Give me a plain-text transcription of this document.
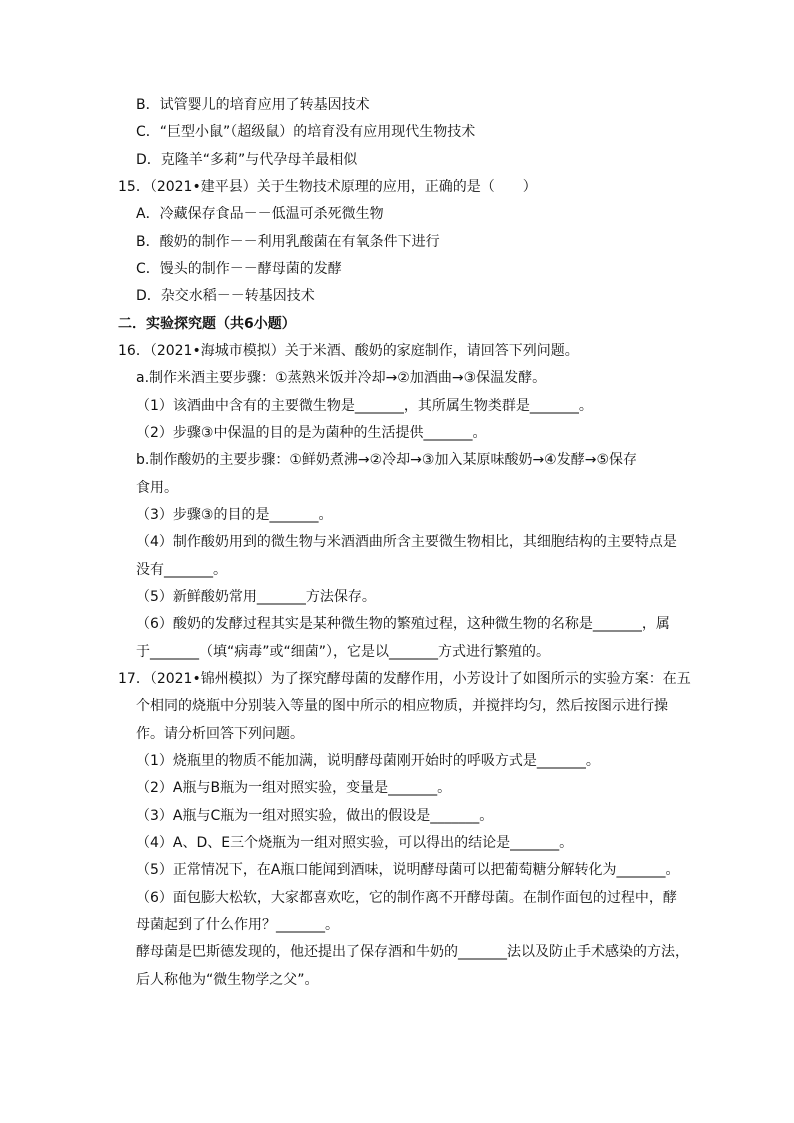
B．试管婴儿的培育应用了转基因技术
C．“巨型小鼠”（超级鼠）的培育没有应用现代生物技术
D．克隆羊“多莉”与代孕母羊最相似
15．（2021•建平县）关于生物技术原理的应用，正确的是（　　）
A．冷藏保存食品－－低温可杀死微生物
B．酸奶的制作－－利用乳酸菌在有氧条件下进行
C．馒头的制作－－酵母菌的发酵
D．杂交水稻－－转基因技术
二．实验探究题（共6小题）
16．（2021•海城市模拟）关于米酒、酸奶的家庭制作，请回答下列问题。
a.制作米酒主要步骤：①蒸熟米饭并冷却→②加酒曲→③保温发酵。
（1）该酒曲中含有的主要微生物是_______，其所属生物类群是_______。
（2）步骤③中保温的目的是为菌种的生活提供_______。
b.制作酸奶的主要步骤：①鲜奶煮沸→②冷却→③加入某原味酸奶→④发酵→⑤保存
食用。
（3）步骤③的目的是_______。
（4）制作酸奶用到的微生物与米酒酒曲所含主要微生物相比，其细胞结构的主要特点是
没有_______。
（5）新鲜酸奶常用_______方法保存。
（6）酸奶的发酵过程其实是某种微生物的繁殖过程，这种微生物的名称是_______，属
于_______（填“病毒”或“细菌”），它是以_______方式进行繁殖的。
17．（2021•锦州模拟）为了探究酵母菌的发酵作用，小芳设计了如图所示的实验方案：在五
个相同的烧瓶中分别装入等量的图中所示的相应物质，并搅拌均匀，然后按图示进行操
作。请分析回答下列问题。
（1）烧瓶里的物质不能加满，说明酵母菌刚开始时的呼吸方式是_______。
（2）A瓶与B瓶为一组对照实验，变量是_______。
（3）A瓶与C瓶为一组对照实验，做出的假设是_______。
（4）A、D、E三个烧瓶为一组对照实验，可以得出的结论是_______。
（5）正常情况下，在A瓶口能闻到酒味，说明酵母菌可以把葡萄糖分解转化为_______。
（6）面包膨大松软，大家都喜欢吃，它的制作离不开酵母菌。在制作面包的过程中，酵
母菌起到了什么作用？_______。
酵母菌是巴斯德发现的，他还提出了保存酒和牛奶的_______法以及防止手术感染的方法，
后人称他为“微生物学之父”。
